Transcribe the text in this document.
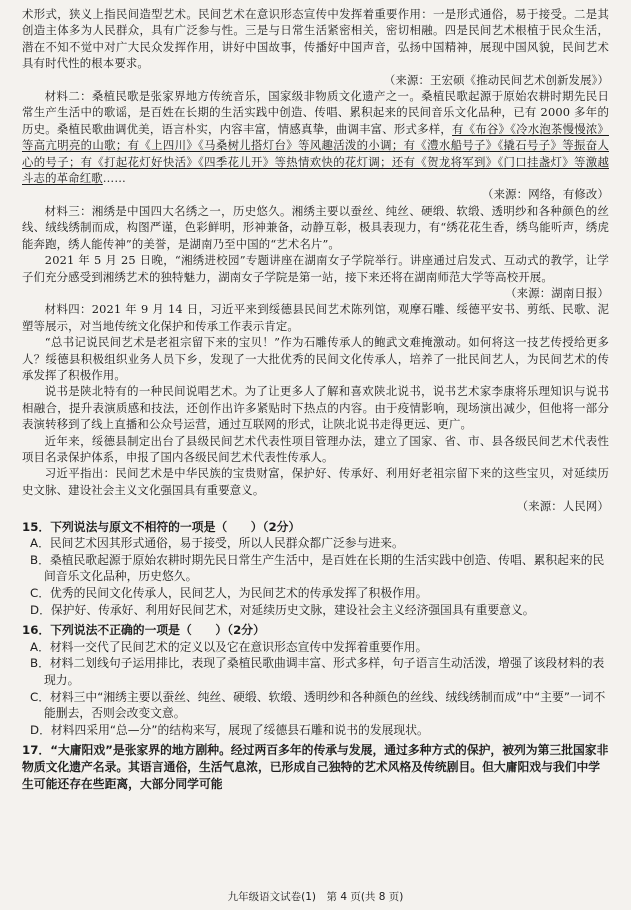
术形式，狭义上指民间造型艺术。民间艺术在意识形态宣传中发挥着重要作用：一是形式通俗，易于接受。二是其创造主体多为人民群众，具有广泛参与性。三是与日常生活紧密相关，密切相融。四是民间艺术根植于民众生活，潜在不知不觉中对广大民众发挥作用，讲好中国故事，传播好中国声音，弘扬中国精神，展现中国风貌，民间艺术具有时代性的根本要求。
（来源：王宏硕《推动民间艺术创新发展》）

材料二：桑植民歌是张家界地方传统音乐，国家级非物质文化遗产之一。桑植民歌起源于原始农耕时期先民日常生产生活中的歌谣，是百姓在长期的生活实践中创造、传唱、累积起来的民间音乐文化品种，已有 2000 多年的历史。桑植民歌曲调优美，语言朴实，内容丰富，情感真挚，曲调丰富、形式多样，有《布谷》《冷水泡茶慢慢浓》等高亢明亮的山歌；有《上四川》《马桑树儿搭灯台》等风趣活泼的小调；有《澧水船号子》《撬石号子》等振奋人心的号子；有《打起花灯好快活》《四季花儿开》等热情欢快的花灯调；还有《贺龙将军到》《门口挂盏灯》等激越斗志的革命红歌……
（来源：网络，有修改）

材料三：湘绣是中国四大名绣之一，历史悠久。湘绣主要以蚕丝、纯丝、硬缎、软缎、透明纱和各种颜色的丝线、绒线绣制而成，构图严谨，色彩鲜明，形神兼备，动静互彰，极具表现力，有“绣花花生香，绣鸟能听声，绣虎能奔跑，绣人能传神”的美誉，是湖南乃至中国的“艺术名片”。

2021 年 5 月 25 日晚，“湘绣进校园”专题讲座在湖南女子学院举行。讲座通过启发式、互动式的教学，让学子们充分感受到湘绣艺术的独特魅力，湖南女子学院是第一站，接下来还将在湖南师范大学等高校开展。
（来源：湖南日报）

材料四：2021 年 9 月 14 日，习近平来到绥德县民间艺术陈列馆，观摩石雕、绥德平安书、剪纸、民歌、泥塑等展示，对当地传统文化保护和传承工作表示肯定。

“总书记说民间艺术是老祖宗留下来的宝贝！”作为石雕传承人的鲍武文难掩激动。如何将这一技艺传授给更多人？绥德县积极组织业务人员下乡，发现了一大批优秀的民间文化传承人，培养了一批民间艺人，为民间艺术的传承发挥了积极作用。

说书是陕北特有的一种民间说唱艺术。为了让更多人了解和喜欢陕北说书，说书艺术家李康将乐理知识与说书相融合，提升表演质感和技法，还创作出许多紧贴时下热点的内容。由于疫情影响，现场演出减少，但他将一部分表演转移到了线上直播和公众号运营，通过互联网的形式，让陕北说书走得更远、更广。

近年来，绥德县制定出台了县级民间艺术代表性项目管理办法，建立了国家、省、市、县各级民间艺术代表性项目名录保护体系，申报了国内各级民间艺术代表性传承人。

习近平指出：民间艺术是中华民族的宝贵财富，保护好、传承好、利用好老祖宗留下来的这些宝贝，对延续历史文脉、建设社会主义文化强国具有重要意义。
（来源：人民网）

15．下列说法与原文不相符的一项是（　　）（2分）

A．民间艺术因其形式通俗，易于接受，所以人民群众都广泛参与进来。

B．桑植民歌起源于原始农耕时期先民日常生产生活中，是百姓在长期的生活实践中创造、传唱、累积起来的民间音乐文化品种，历史悠久。

C．优秀的民间文化传承人，民间艺人，为民间艺术的传承发挥了积极作用。

D．保护好、传承好、利用好民间艺术，对延续历史文脉，建设社会主义经济强国具有重要意义。

16．下列说法不正确的一项是（　　）（2分）

A．材料一交代了民间艺术的定义以及它在意识形态宣传中发挥着重要作用。

B．材料二划线句子运用排比，表现了桑植民歌曲调丰富、形式多样，句子语言生动活泼，增强了该段材料的表现力。

C．材料三中“湘绣主要以蚕丝、纯丝、硬缎、软缎、透明纱和各种颜色的丝线、绒线绣制而成”中“主要”一词不能删去，否则会改变文意。

D．材料四采用“总—分”的结构来写，展现了绥德县石雕和说书的发展现状。

17．“大庸阳戏”是张家界的地方剧种。经过两百多年的传承与发展，通过多种方式的保护，被列为第三批国家非物质文化遗产名录。其语言通俗，生活气息浓，已形成自己独特的艺术风格及传统剧目。但大庸阳戏与我们中学生可能还存在些距离，大部分同学可能

九年级语文试卷(1)　第 4 页(共 8 页)
